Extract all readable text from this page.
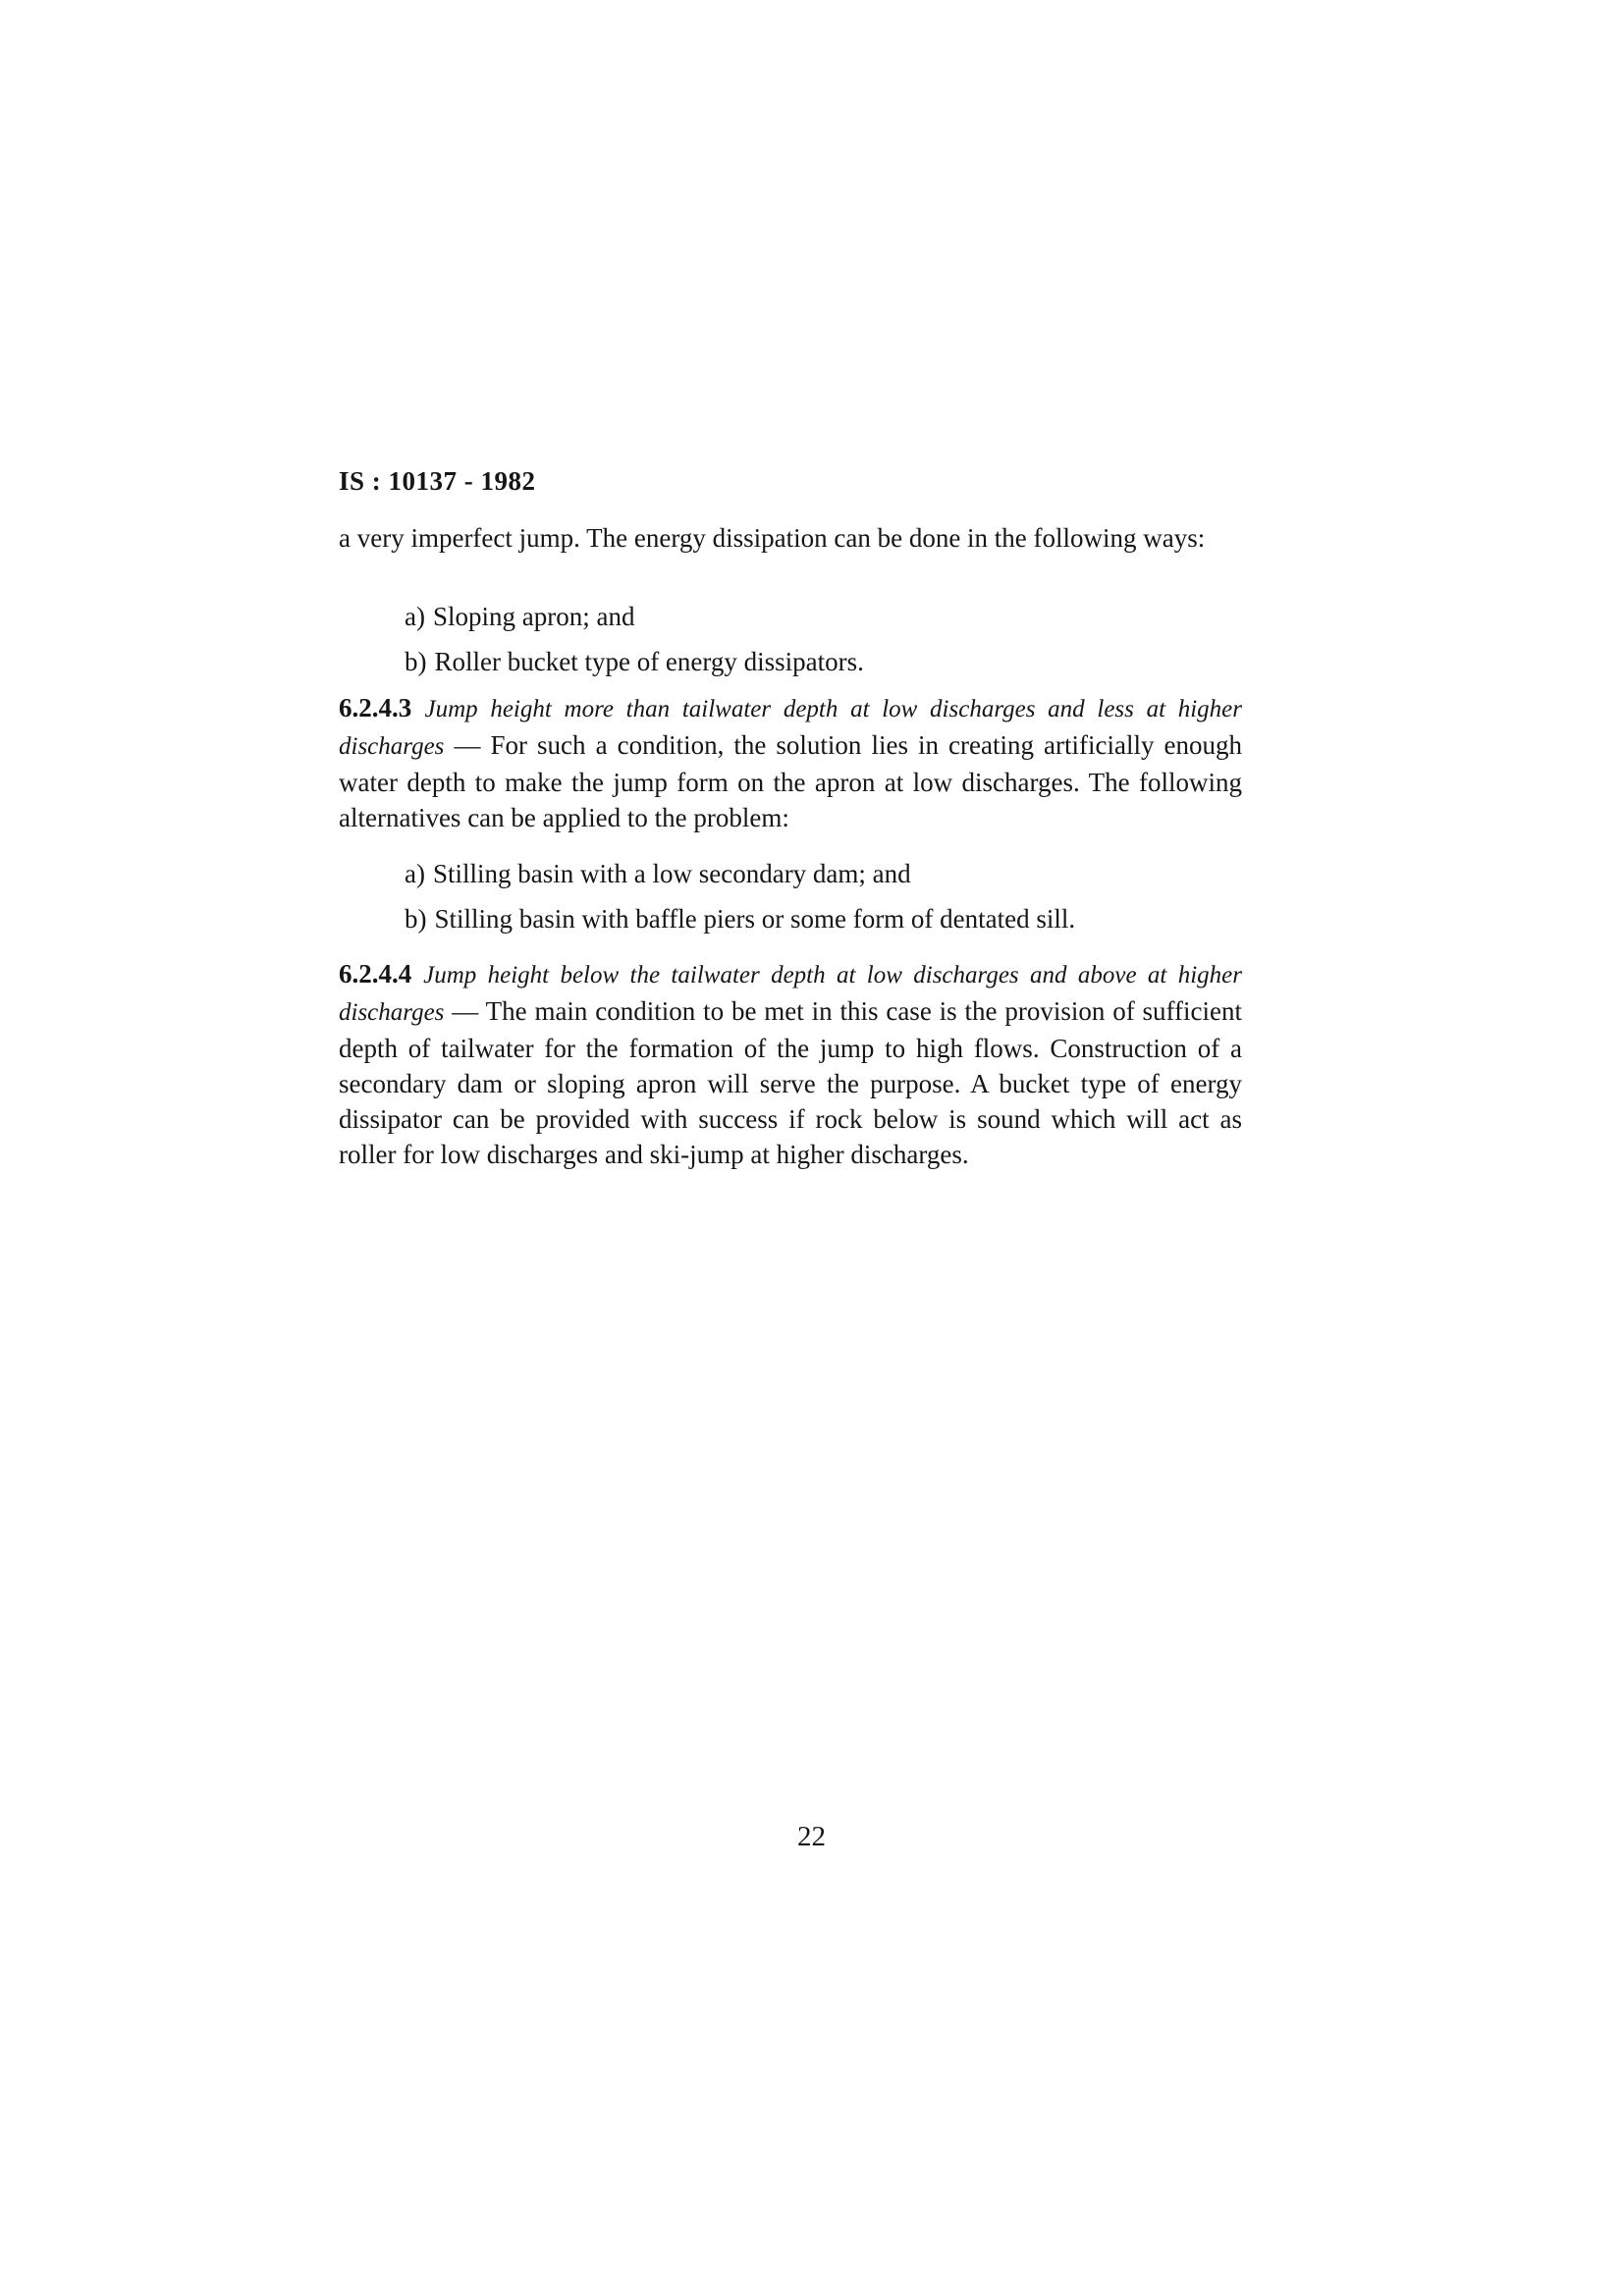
IS : 10137 - 1982

a very imperfect jump. The energy dissipation can be done in the following ways:

a) Sloping apron; and
b) Roller bucket type of energy dissipators.

6.2.4.3 Jump height more than tailwater depth at low discharges and less at higher discharges — For such a condition, the solution lies in creating artificially enough water depth to make the jump form on the apron at low discharges. The following alternatives can be applied to the problem:

a) Stilling basin with a low secondary dam; and
b) Stilling basin with baffle piers or some form of dentated sill.

6.2.4.4 Jump height below the tailwater depth at low discharges and above at higher discharges — The main condition to be met in this case is the provision of sufficient depth of tailwater for the formation of the jump to high flows. Construction of a secondary dam or sloping apron will serve the purpose. A bucket type of energy dissipator can be provided with success if rock below is sound which will act as roller for low discharges and ski-jump at higher discharges.

22
